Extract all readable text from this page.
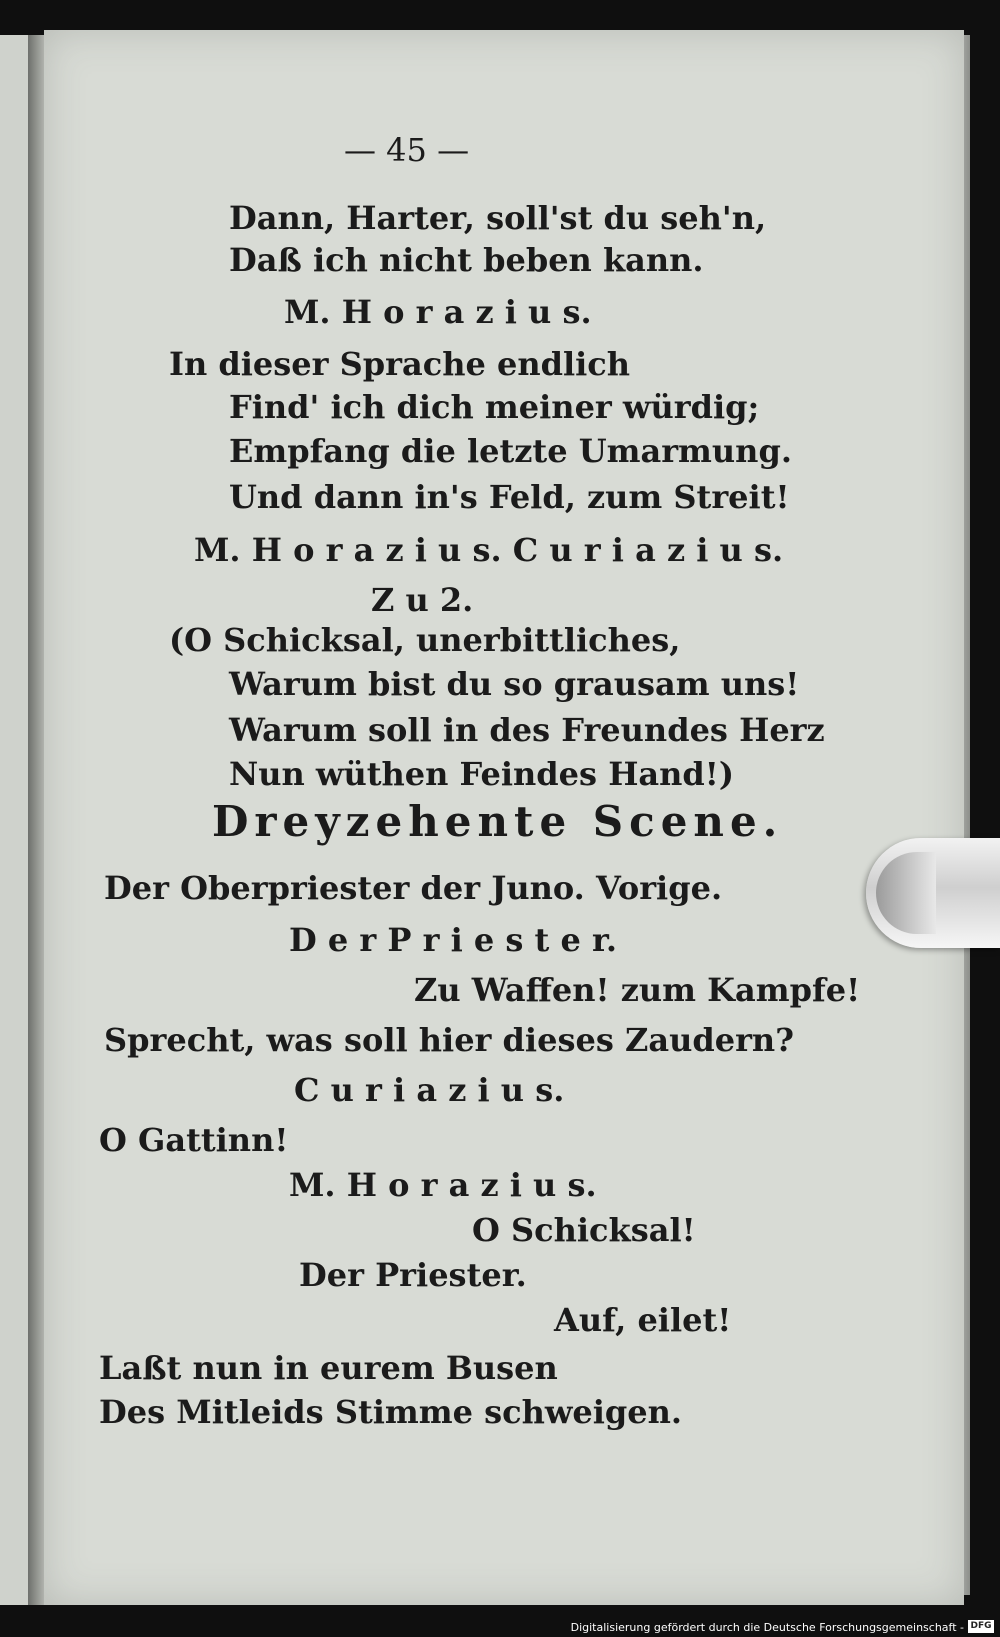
— 45 —
Dann, Harter, soll'st du seh'n,
Daß ich nicht beben kann.
M. H o r a z i u s.
In dieser Sprache endlich
Find' ich dich meiner würdig;
Empfang die letzte Umarmung.
Und dann in's Feld, zum Streit!
M. H o r a z i u s. C u r i a z i u s.
Z u 2.
(O Schicksal, unerbittliches,
Warum bist du so grausam uns!
Warum soll in des Freundes Herz
Nun wüthen Feindes Hand!)
Dreyzehente Scene.
Der Oberpriester der Juno. Vorige.
D e r P r i e s t e r.
Zu Waffen! zum Kampfe!
Sprecht, was soll hier dieses Zaudern?
C u r i a z i u s.
O Gattinn!
M. H o r a z i u s.
O Schicksal!
Der Priester.
Auf, eilet!
Laßt nun in eurem Busen
Des Mitleids Stimme schweigen.
Digitalisierung gefördert durch die Deutsche Forschungsgemeinschaft - DFG
